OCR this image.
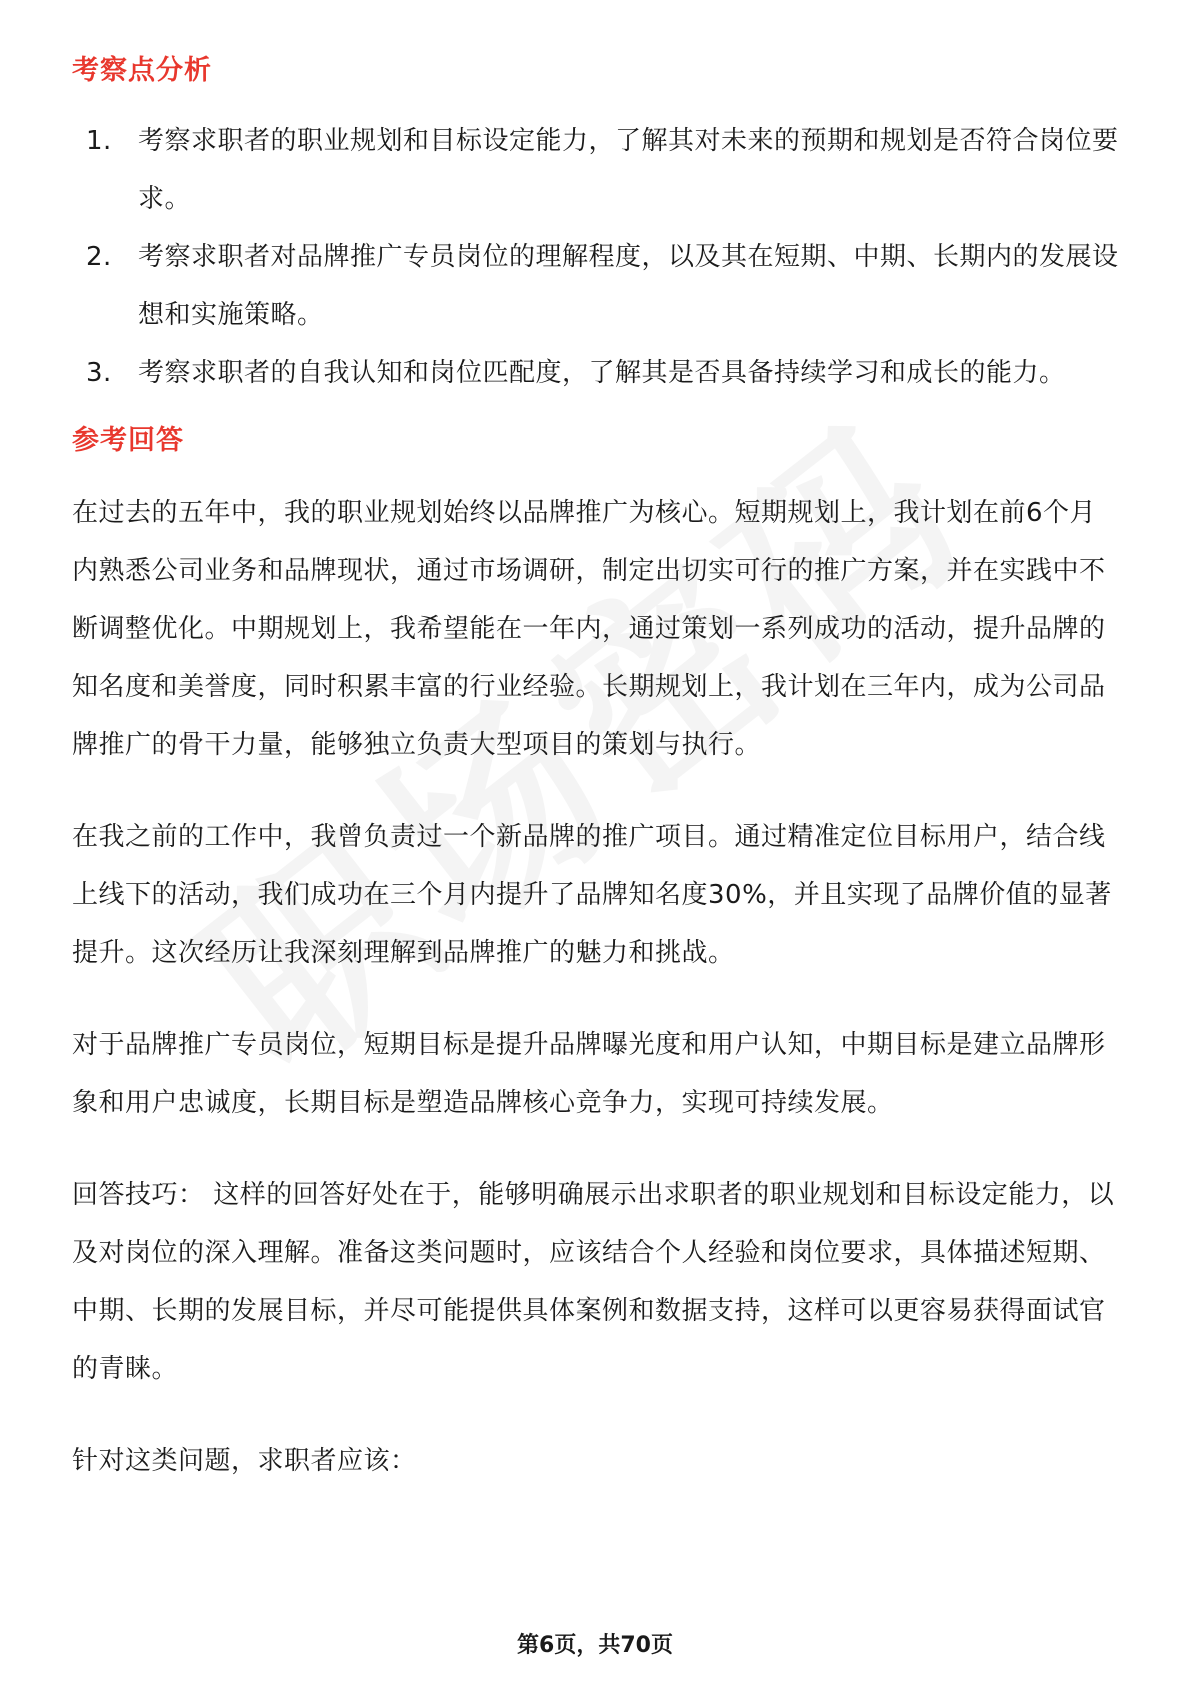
考察点分析
1.	考察求职者的职业规划和目标设定能力，了解其对未来的预期和规划是否符合岗位要求。
2.	考察求职者对品牌推广专员岗位的理解程度，以及其在短期、中期、长期内的发展设想和实施策略。
3.	考察求职者的自我认知和岗位匹配度，了解其是否具备持续学习和成长的能力。
参考回答

在过去的五年中，我的职业规划始终以品牌推广为核心。短期规划上，我计划在前6个月内熟悉公司业务和品牌现状，通过市场调研，制定出切实可行的推广方案，并在实践中不断调整优化。中期规划上，我希望能在一年内，通过策划一系列成功的活动，提升品牌的知名度和美誉度，同时积累丰富的行业经验。长期规划上，我计划在三年内，成为公司品牌推广的骨干力量，能够独立负责大型项目的策划与执行。

在我之前的工作中，我曾负责过一个新品牌的推广项目。通过精准定位目标用户，结合线上线下的活动，我们成功在三个月内提升了品牌知名度30%，并且实现了品牌价值的显著提升。这次经历让我深刻理解到品牌推广的魅力和挑战。

对于品牌推广专员岗位，短期目标是提升品牌曝光度和用户认知，中期目标是建立品牌形象和用户忠诚度，长期目标是塑造品牌核心竞争力，实现可持续发展。

回答技巧： 这样的回答好处在于，能够明确展示出求职者的职业规划和目标设定能力，以及对岗位的深入理解。准备这类问题时，应该结合个人经验和岗位要求，具体描述短期、中期、长期的发展目标，并尽可能提供具体案例和数据支持，这样可以更容易获得面试官的青睐。

针对这类问题，求职者应该：

第6页，共70页
